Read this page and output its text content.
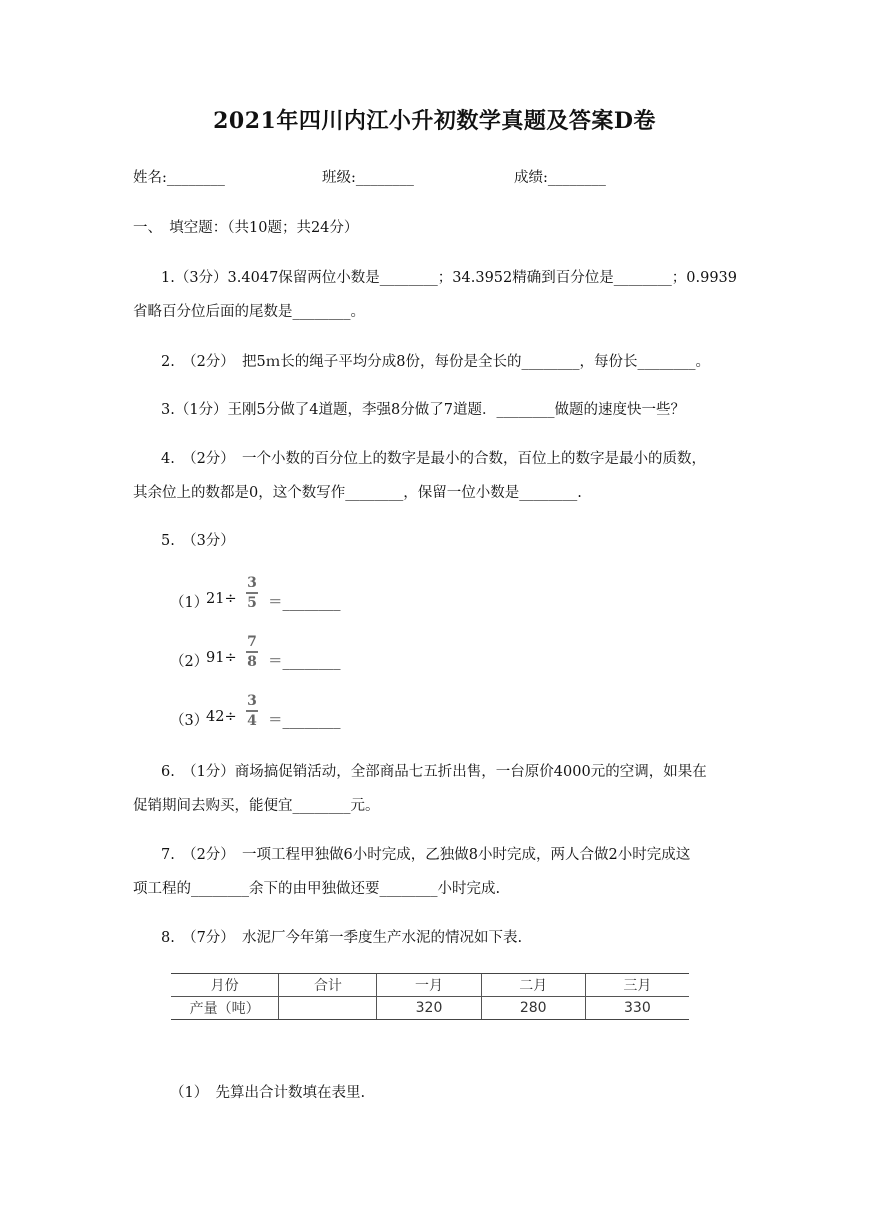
2021年四川内江小升初数学真题及答案D卷
姓名:________	班级:________	成绩:________
一、　填空题：（共10题；共24分）
1.（3分）3.4047保留两位小数是________；34.3952精确到百分位是________；0.9939
省略百分位后面的尾数是________。
2.　（2分）　把5ｍ长的绳子平均分成8份，每份是全长的________，每份长________。
3.（1分）王刚5分做了4道题，李强8分做了7道题．________做题的速度快一些？
4.　（2分）　一个小数的百分位上的数字是最小的合数，百位上的数字是最小的质数，
其余位上的数都是0，这个数写作________，保留一位小数是________.
5.　（3分）
（1）
21÷
3
5 ＝________
（2）
91÷
7
8 ＝________
（3）
42÷
3
4 ＝________
6.　（1分）商场搞促销活动，全部商品七五折出售，一台原价4000元的空调，如果在
促销期间去购买，能便宜________元。
7.　（2分）　一项工程甲独做6小时完成，乙独做8小时完成，两人合做2小时完成这
项工程的________余下的由甲独做还要________小时完成.
8.　（7分）　水泥厂今年第一季度生产水泥的情况如下表.
月份	合计	一月	二月	三月
产量（吨）		320	280	330
（1）　先算出合计数填在表里.
